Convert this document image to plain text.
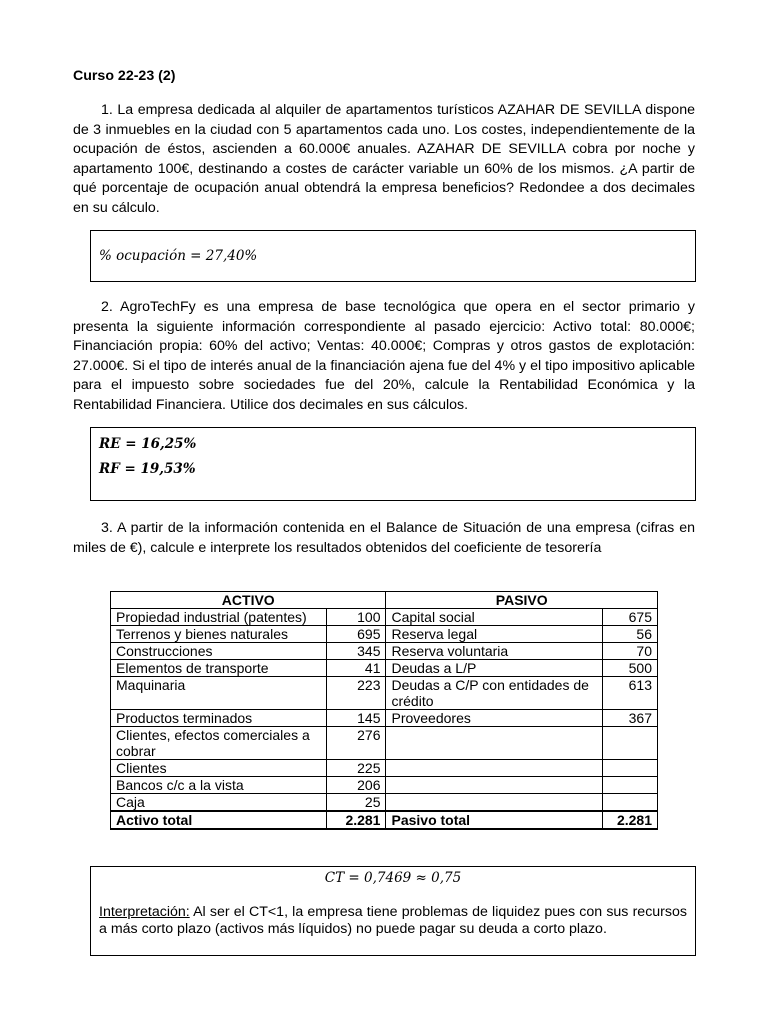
Curso 22-23 (2)

1. La empresa dedicada al alquiler de apartamentos turísticos AZAHAR DE SEVILLA dispone de 3 inmuebles en la ciudad con 5 apartamentos cada uno. Los costes, independientemente de la ocupación de éstos, ascienden a 60.000€ anuales. AZAHAR DE SEVILLA cobra por noche y apartamento 100€, destinando a costes de carácter variable un 60% de los mismos. ¿A partir de qué porcentaje de ocupación anual obtendrá la empresa beneficios? Redondee a dos decimales en su cálculo.

% ocupación = 27,40%

2. AgroTechFy es una empresa de base tecnológica que opera en el sector primario y presenta la siguiente información correspondiente al pasado ejercicio: Activo total: 80.000€; Financiación propia: 60% del activo; Ventas: 40.000€; Compras y otros gastos de explotación: 27.000€. Si el tipo de interés anual de la financiación ajena fue del 4% y el tipo impositivo aplicable para el impuesto sobre sociedades fue del 20%, calcule la Rentabilidad Económica y la Rentabilidad Financiera. Utilice dos decimales en sus cálculos.

RE = 16,25%
RF = 19,53%

3. A partir de la información contenida en el Balance de Situación de una empresa (cifras en miles de €), calcule e interprete los resultados obtenidos del coeficiente de tesorería

ACTIVO		PASIVO	
Propiedad industrial (patentes)	100	Capital social	675
Terrenos y bienes naturales	695	Reserva legal	56
Construcciones	345	Reserva voluntaria	70
Elementos de transporte	41	Deudas a L/P	500
Maquinaria	223	Deudas a C/P con entidades de crédito	613
Productos terminados	145	Proveedores	367
Clientes, efectos comerciales a cobrar	276		
Clientes	225		
Bancos c/c a la vista	206		
Caja	25		
Activo total	2.281	Pasivo total	2.281
CT = 0,7469 ≈ 0,75
Interpretación: Al ser el CT<1, la empresa tiene problemas de liquidez pues con sus recursos a más corto plazo (activos más líquidos) no puede pagar su deuda a corto plazo.
